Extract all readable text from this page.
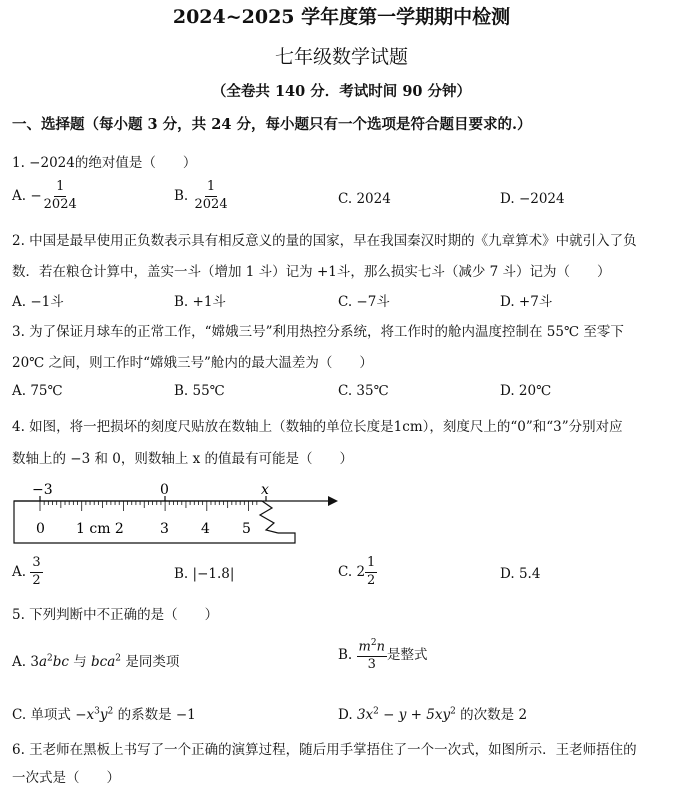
2024~2025 学年度第一学期期中检测
七年级数学试题
（全卷共 140 分．考试时间 90 分钟）
一、选择题（每小题 3 分，共 24 分，每小题只有一个选项是符合题目要求的.）
1. −2024的绝对值是（　　）
A. − $\frac{1}{2024}$	B. $\frac{1}{2024}$	C. 2024	D. −2024
2. 中国是最早使用正负数表示具有相反意义的量的国家，早在我国秦汉时期的《九章算术》中就引入了负
数．若在粮仓计算中，盖实一斗（增加 1 斗）记为 +1斗，那么损实七斗（减少 7 斗）记为（　　）
A. −1斗	B. +1斗	C. −7斗	D. +7斗
3. 为了保证月球车的正常工作，“嫦娥三号”利用热控分系统，将工作时的舱内温度控制在 55℃ 至零下
20℃ 之间，则工作时“嫦娥三号”舱内的最大温差为（　　）
A. 75℃	B. 55℃	C. 35℃	D. 20℃
4. 如图，将一把损坏的刻度尺贴放在数轴上（数轴的单位长度是1cm），刻度尺上的“0”和“3”分别对应
数轴上的 −3 和 0，则数轴上 x 的值最有可能是（　　）
−3	0	x
0 1 cm 2	3 4 5
A. $\frac{3}{2}$	B. |−1.8|	C. $2 \frac{1}{2}$	D. 5.4
5. 下列判断中不正确的是（　　）
A. $3a^2bc$ 与 bca$^2$ 是同类项	B. $\frac{m^2n}{3}$ 是整式
C. 单项式 $-x^3y^2$ 的系数是 −1	D. $3x^2 - y + 5xy^2$ 的次数是 2
6. 王老师在黑板上书写了一个正确的演算过程，随后用手掌捂住了一个一次式，如图所示．王老师捂住的
一次式是（　　）
